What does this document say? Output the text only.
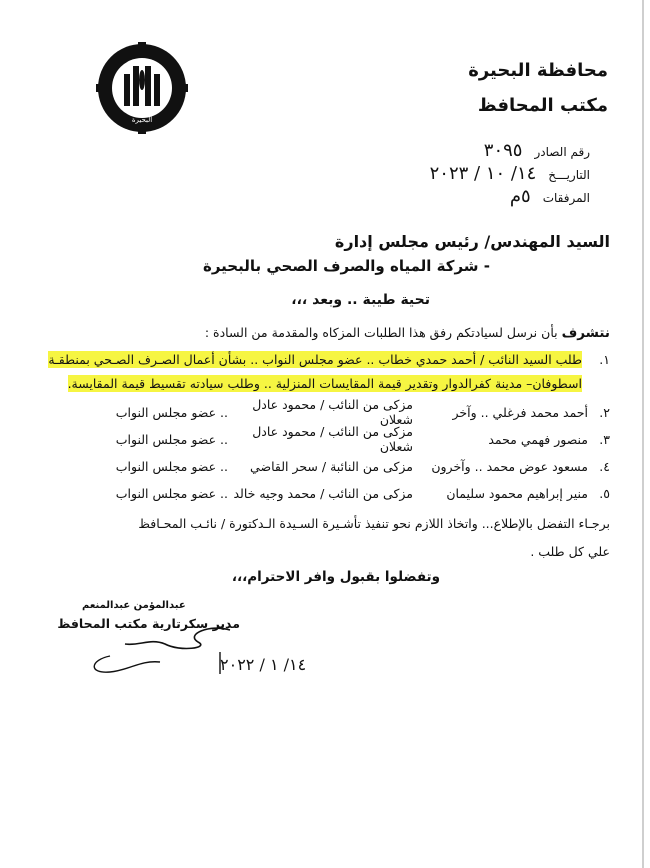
البحيرة
محافظة البحيرة
مكتب المحافظ
رقم الصادر
٣٠٩٥
التاريـــخ
١٤/ ١٠ / ٢٠٢٣
المرفقات
٥م
السيد المهندس/ رئيس مجلس إدارة
- شركة المياه والصرف الصحي بالبحيرة
تحية طيبة .. وبعد ،،،
نتشرف بأن نرسل لسيادتكم رفق هذا الطلبات المزكاه والمقدمة من السادة :
١.
طلب السيد النائب / أحمد حمدي خطاب .. عضو مجلس النواب .. بشأن أعمال الصـرف الصـحي بمنطقـة
اسطوفان– مدينة كفرالدوار وتقدير قيمة المقايسات المنزلية .. وطلب سيادته تقسيط قيمة المقايسة.
٢.
أحمد محمد فرغلي .. وآخر
مزكى من النائب / محمود عادل شعلان
.. عضو مجلس النواب
٣.
منصور فهمي محمد
مزكى من النائب / محمود عادل شعلان
.. عضو مجلس النواب
٤.
مسعود عوض محمد .. وآخرون
مزكى من النائبة / سحر القاضي
.. عضو مجلس النواب
٥.
منير إبراهيم محمود سليمان
مزكى من النائب / محمد وجيه خالد
.. عضو مجلس النواب
برجـاء التفضل بالإطلاع... واتخاذ اللازم نحو تنفيذ تأشـيرة السـيدة الـدكتورة / نائـب المحـافظ
علي كل طلب .
وتفضلوا بقبول وافر الاحترام،،،
عبدالمؤمن عبدالمنعم
مدير سكرتارية مكتب المحافظ
١٤/ ١ / ٢٠٢٢
